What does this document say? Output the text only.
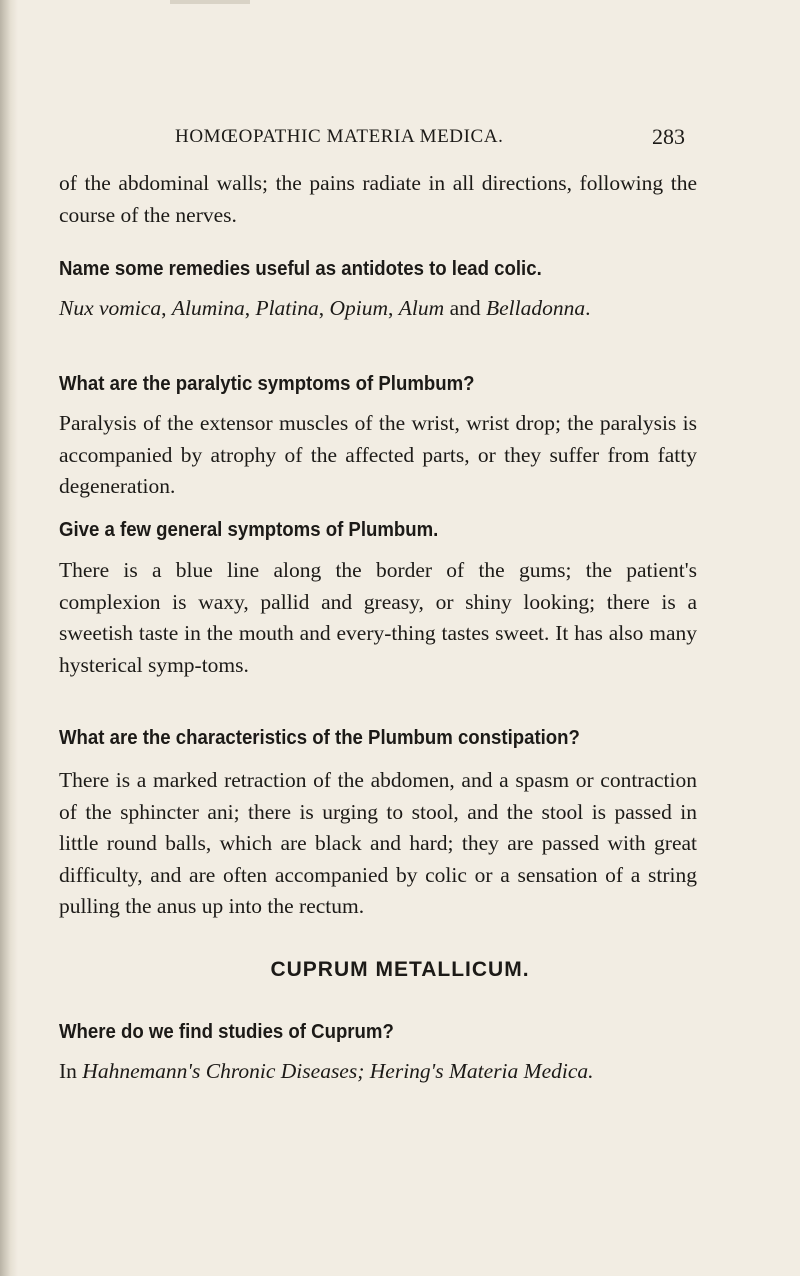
HOMŒOPATHIC MATERIA MEDICA.	283

of the abdominal walls; the pains radiate in all directions, following the course of the nerves.

Name some remedies useful as antidotes to lead colic.

Nux vomica, Alumina, Platina, Opium, Alum and Belladonna.

What are the paralytic symptoms of Plumbum?

Paralysis of the extensor muscles of the wrist, wrist drop; the paralysis is accompanied by atrophy of the affected parts, or they suffer from fatty degeneration.

Give a few general symptoms of Plumbum.

There is a blue line along the border of the gums; the patient's complexion is waxy, pallid and greasy, or shiny looking; there is a sweetish taste in the mouth and every-thing tastes sweet. It has also many hysterical symp-toms.

What are the characteristics of the Plumbum constipation?

There is a marked retraction of the abdomen, and a spasm or contraction of the sphincter ani; there is urging to stool, and the stool is passed in little round balls, which are black and hard; they are passed with great difficulty, and are often accompanied by colic or a sensation of a string pulling the anus up into the rectum.

CUPRUM METALLICUM.

Where do we find studies of Cuprum?

In Hahnemann's Chronic Diseases; Hering's Materia Medica.
